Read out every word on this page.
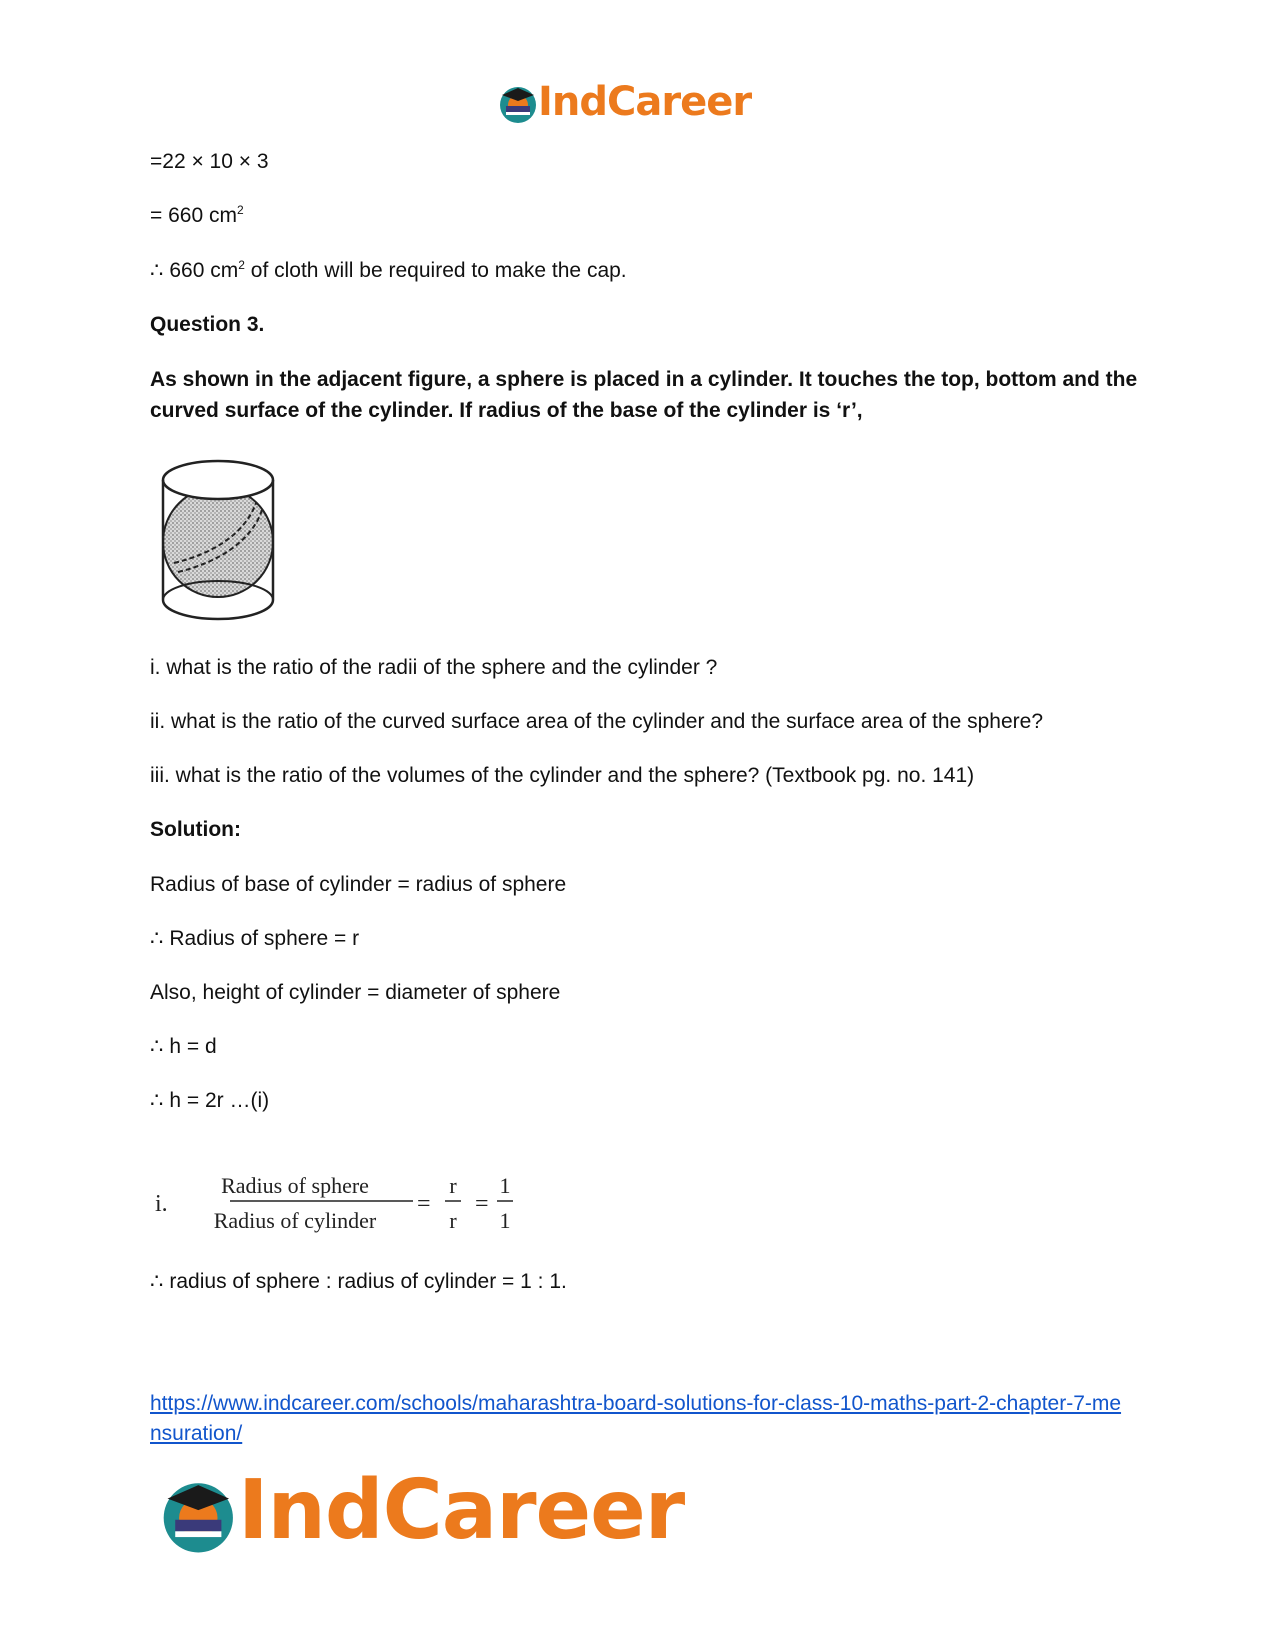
IndCareer

=22 × 10 × 3

= 660 $cm^2$

∴ 660 $cm^2$ of cloth will be required to make the cap.

Question 3.

As shown in the adjacent figure, a sphere is placed in a cylinder. It touches the top, bottom and the curved surface of the cylinder. If radius of the base of the cylinder is ‘r’,

i. what is the ratio of the radii of the sphere and the cylinder ?

ii. what is the ratio of the curved surface area of the cylinder and the surface area of the sphere?

iii. what is the ratio of the volumes of the cylinder and the sphere? (Textbook pg. no. 141)

Solution:

Radius of base of cylinder = radius of sphere

∴ Radius of sphere = r

Also, height of cylinder = diameter of sphere

∴ h = d

∴ h = 2r …(i)

i.
Radius of sphere
Radius of cylinder
=
r
r
=
1
1

∴ radius of sphere : radius of cylinder = 1 : 1.

https://www.indcareer.com/schools/maharashtra-board-solutions-for-class-10-maths-part-2-chapter-7-mensuration/
IndCareer
